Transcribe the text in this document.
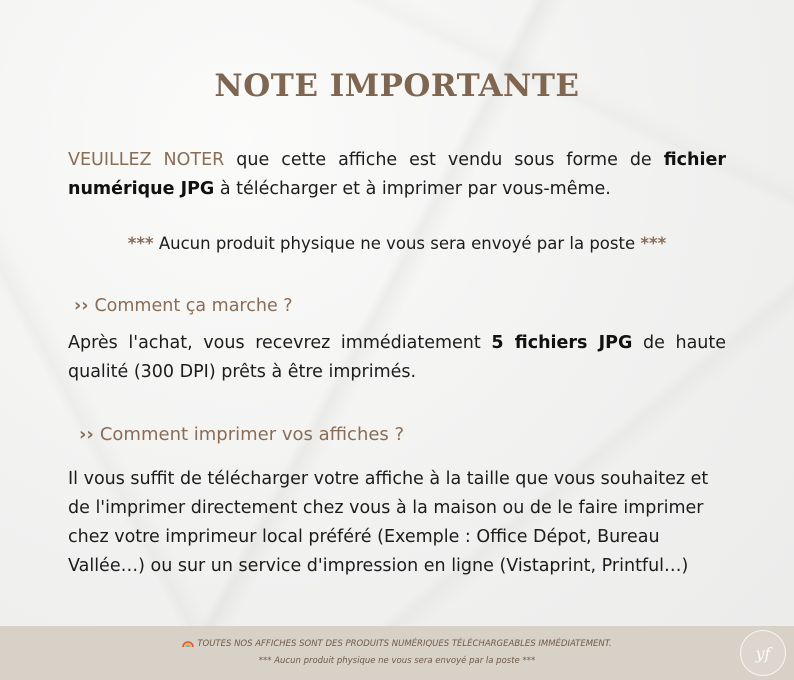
NOTE IMPORTANTE

VEUILLEZ NOTER que cette affiche est vendu sous forme de fichier numérique JPG à télécharger et à imprimer par vous-même.

*** Aucun produit physique ne vous sera envoyé par la poste ***

›› Comment ça marche ?

Après l'achat, vous recevrez immédiatement 5 fichiers JPG de haute qualité (300 DPI) prêts à être imprimés.

›› Comment imprimer vos affiches ?

Il vous suffit de télécharger votre affiche à la taille que vous souhaitez et de l'imprimer directement chez vous à la maison ou de le faire imprimer chez votre imprimeur local préféré (Exemple : Office Dépot, Bureau Vallée…) ou sur un service d'impression en ligne (Vistaprint, Printful…)

TOUTES NOS AFFICHES SONT DES PRODUITS NUMÉRIQUES TÉLÉCHARGEABLES IMMÉDIATEMENT.

*** Aucun produit physique ne vous sera envoyé par la poste ***	yf
